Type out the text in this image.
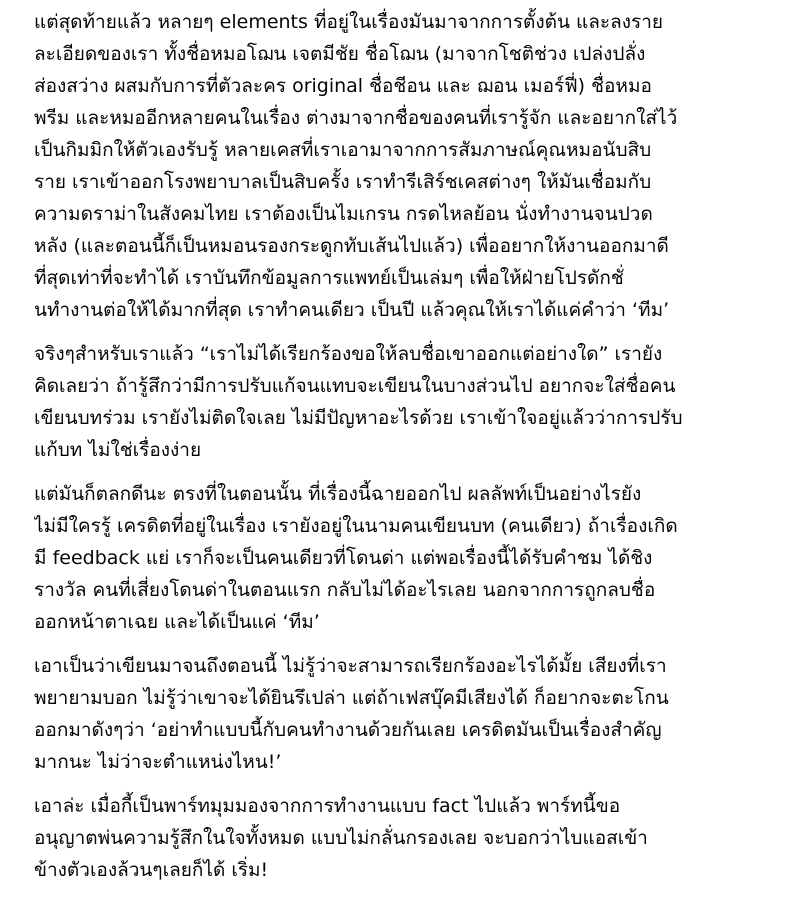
แต่สุดท้ายแล้ว หลายๆ elements ที่อยู่ในเรื่องมันมาจากการตั้งต้น และลงราย
ละเอียดของเรา ทั้งชื่อหมอโฌน เจตมีชัย ชื่อโฌน (มาจากโชติช่วง เปล่งปลั่ง
ส่องสว่าง ผสมกับการที่ตัวละคร original ชื่อชีอน และ ฌอน เมอร์ฟี่) ชื่อหมอ
พรีม และหมออีกหลายคนในเรื่อง ต่างมาจากชื่อของคนที่เรารู้จัก และอยากใส่ไว้
เป็นกิมมิกให้ตัวเองรับรู้ หลายเคสที่เราเอามาจากการสัมภาษณ์คุณหมอนับสิบ
ราย เราเข้าออกโรงพยาบาลเป็นสิบครั้ง เราทำรีเสิร์ชเคสต่างๆ ให้มันเชื่อมกับ
ความดราม่าในสังคมไทย เราต้องเป็นไมเกรน กรดไหลย้อน นั่งทำงานจนปวด
หลัง (และตอนนี้ก็เป็นหมอนรองกระดูกทับเส้นไปแล้ว) เพื่ออยากให้งานออกมาดี
ที่สุดเท่าที่จะทำได้ เราบันทึกข้อมูลการแพทย์เป็นเล่มๆ เพื่อให้ฝ่ายโปรดักชั่
นทำงานต่อให้ได้มากที่สุด เราทำคนเดียว เป็นปี แล้วคุณให้เราได้แค่คำว่า ‘ทีม’
จริงๆสำหรับเราแล้ว “เราไม่ได้เรียกร้องขอให้ลบชื่อเขาออกแต่อย่างใด” เรายัง
คิดเลยว่า ถ้ารู้สึกว่ามีการปรับแก้จนแทบจะเขียนในบางส่วนไป อยากจะใส่ชื่อคน
เขียนบทร่วม เรายังไม่ติดใจเลย ไม่มีปัญหาอะไรด้วย เราเข้าใจอยู่แล้วว่าการปรับ
แก้บท ไม่ใช่เรื่องง่าย
แต่มันก็ตลกดีนะ ตรงที่ในตอนนั้น ที่เรื่องนี้ฉายออกไป ผลลัพท์เป็นอย่างไรยัง
ไม่มีใครรู้ เครดิตที่อยู่ในเรื่อง เรายังอยู่ในนามคนเขียนบท (คนเดียว) ถ้าเรื่องเกิด
มี feedback แย่ เราก็จะเป็นคนเดียวที่โดนด่า แต่พอเรื่องนี้ได้รับคำชม ได้ชิง
รางวัล คนที่เสี่ยงโดนด่าในตอนแรก กลับไม่ได้อะไรเลย นอกจากการถูกลบชื่อ
ออกหน้าตาเฉย และได้เป็นแค่ ‘ทีม’
เอาเป็นว่าเขียนมาจนถึงตอนนี้ ไม่รู้ว่าจะสามารถเรียกร้องอะไรได้มั้ย เสียงที่เรา
พยายามบอก ไม่รู้ว่าเขาจะได้ยินรึเปล่า แต่ถ้าเฟสบุ๊คมีเสียงได้ ก็อยากจะตะโกน
ออกมาดังๆว่า ‘อย่าทำแบบนี้กับคนทำงานด้วยกันเลย เครดิตมันเป็นเรื่องสำคัญ
มากนะ ไม่ว่าจะตำแหน่งไหน!’
เอาล่ะ เมื่อกี้เป็นพาร์ทมุมมองจากการทำงานแบบ fact ไปแล้ว พาร์ทนี้ขอ
อนุญาตพ่นความรู้สึกในใจทั้งหมด แบบไม่กลั่นกรองเลย จะบอกว่าไบแอสเข้า
ข้างตัวเองล้วนๆเลยก็ได้ เริ่ม!
